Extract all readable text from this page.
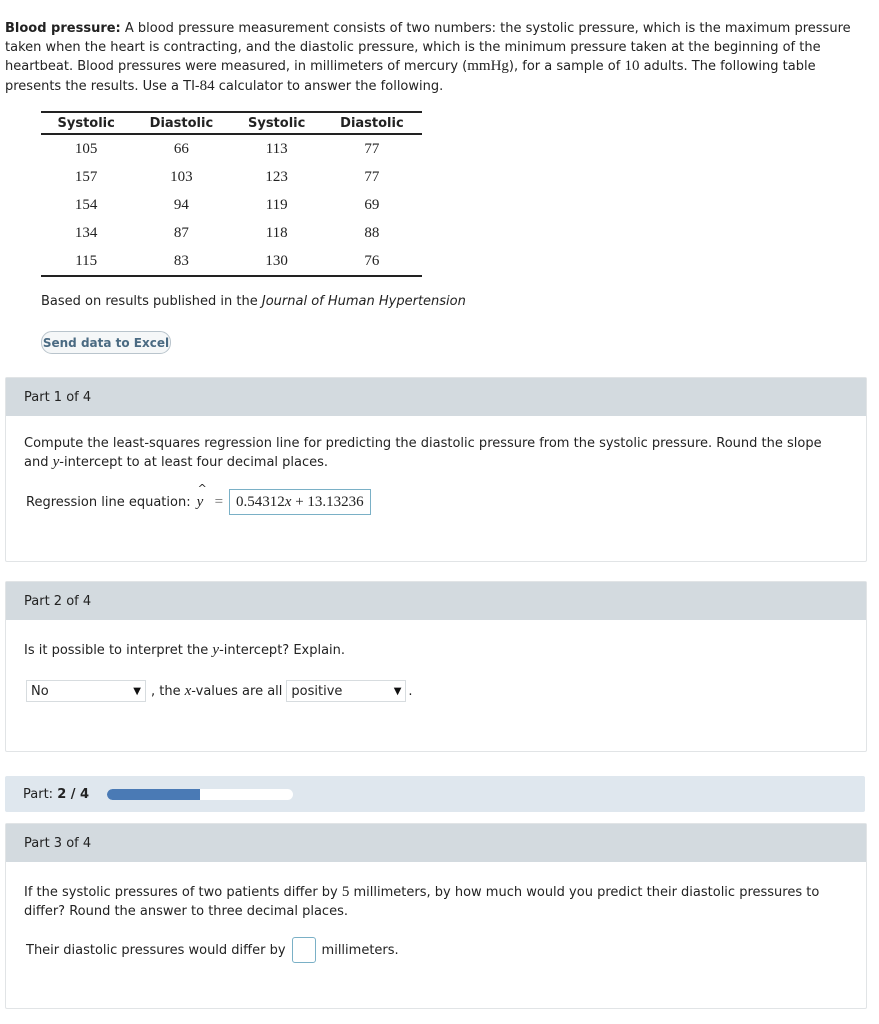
Blood pressure: A blood pressure measurement consists of two numbers: the systolic pressure, which is the maximum pressure taken when the heart is contracting, and the diastolic pressure, which is the minimum pressure taken at the beginning of the heartbeat. Blood pressures were measured, in millimeters of mercury (mmHg), for a sample of 10 adults. The following table presents the results. Use a TI-84 calculator to answer the following.
Systolic	Diastolic	Systolic	Diastolic
105	66	113	77
157	103	123	77
154	94	119	69
134	87	118	88
115	83	130	76
Based on results published in the Journal of Human Hypertension
Send data to Excel
Part 1 of 4
Compute the least-squares regression line for predicting the diastolic pressure from the systolic pressure. Round the slope and y-intercept to at least four decimal places.
Regression line equation:
^
y = 0.54312 x + 13.13236
Part 2 of 4
Is it possible to interpret the y-intercept? Explain.
No	▼ , the x -values are all positive	▼ .
Part: 2 / 4
Part 3 of 4
If the systolic pressures of two patients differ by 5 millimeters, by how much would you predict their diastolic pressures to differ? Round the answer to three decimal places.
Their diastolic pressures would differ by	millimeters.
